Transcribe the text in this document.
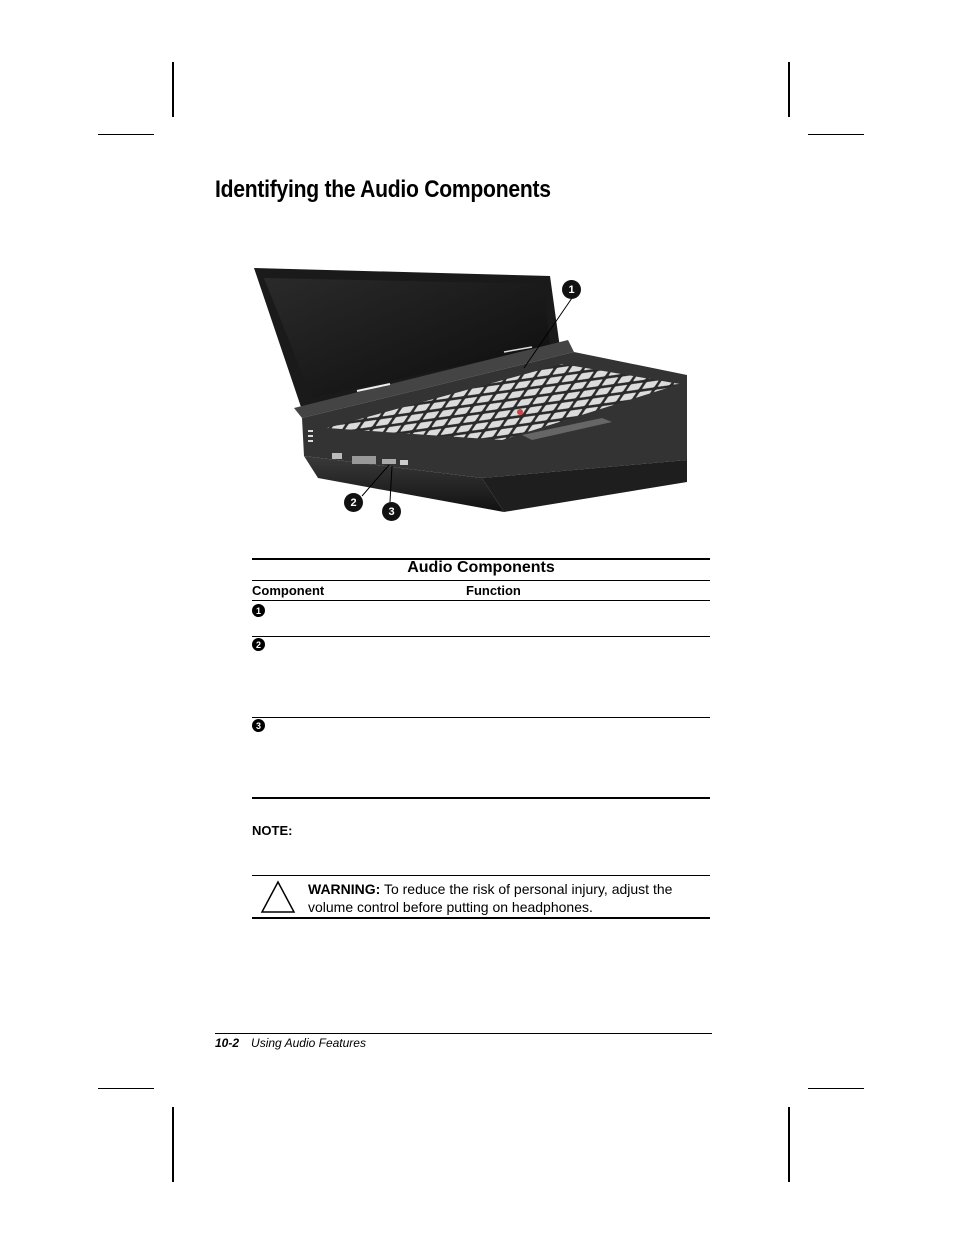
Identifying the Audio Components
1
2
3
Audio Components
Component	Function
1
2
3
NOTE:
WARNING: To reduce the risk of personal injury, adjust the volume control before putting on headphones.
10-2 Using Audio Features
